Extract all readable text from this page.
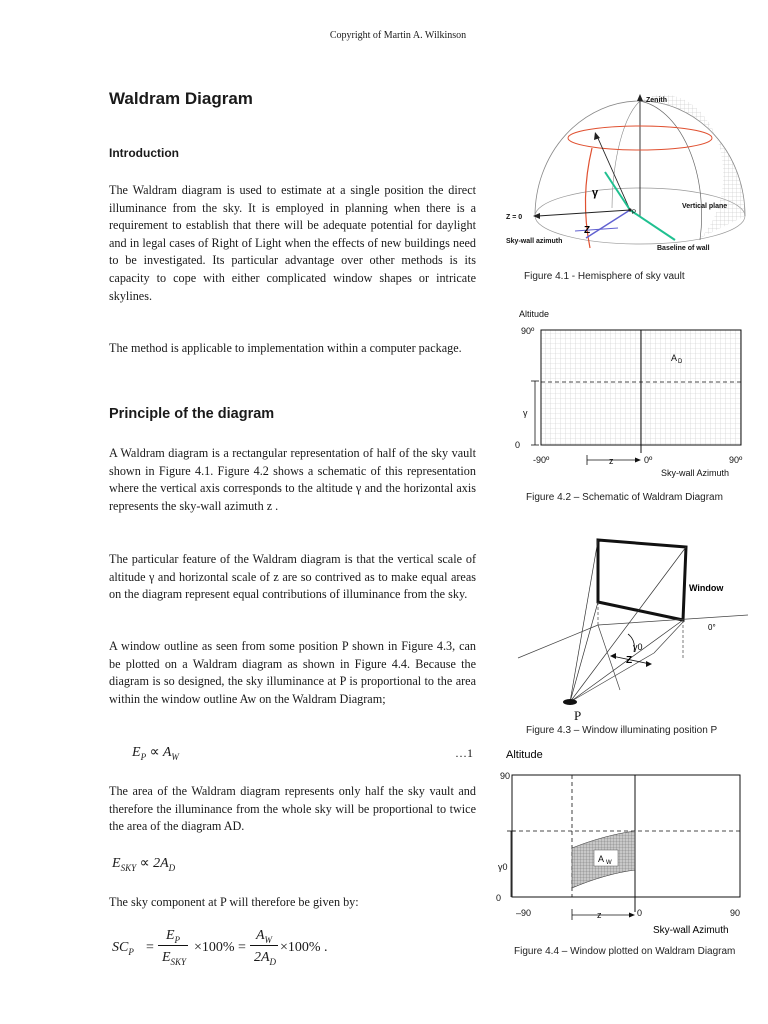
Copyright of Martin A. Wilkinson
Waldram Diagram
Introduction

The Waldram diagram is used to estimate at a single position the direct illuminance from the sky. It is employed in planning when there is a requirement to establish that there will be adequate potential for daylight and in legal cases of Right of Light when the effects of new buildings need to be investigated. Its particular advantage over other methods is its capacity to cope with either complicated window shapes or intricate skylines.

The method is applicable to implementation within a computer package.

Principle of the diagram

A Waldram diagram is a rectangular representation of half of the sky vault shown in Figure 4.1. Figure 4.2 shows a schematic of this representation where the vertical axis corresponds to the altitude γ and the horizontal axis represents the sky-wall azimuth z .

The particular feature of the Waldram diagram is that the vertical scale of altitude γ and horizontal scale of z are so contrived as to make equal areas on the diagram represent equal contributions of illuminance from the sky.

A window outline as seen from some position P shown in Figure 4.3, can be plotted on a Waldram diagram as shown in Figure 4.4. Because the diagram is so designed, the sky illuminance at P is proportional to the area within the window outline Aw on the Waldram Diagram;

$E_P \propto A_W$	…1

The area of the Waldram diagram represents only half the sky vault and therefore the illuminance from the whole sky will be proportional to twice the area of the diagram AD.

$E_{SKY} \propto 2A_D$

The sky component at P will therefore be given by:

$SC_P$ =
$E_P$
$E_{SKY}$
×100% =
$A_W$
$2A_D$
×100% .
Zenith
Vertical plane
Z = 0
γ
Z
P
Sky-wall azimuth
Baseline of wall
Figure 4.1 - Hemisphere of sky vault
Altitude
90º
0
γ
-90º	z	0º	90º
Sky-wall Azimuth
A D
Figure 4.2 – Schematic of Waldram Diagram
Window
0°
γ0
Z
P
Figure 4.3 – Window illuminating position P
Altitude
90
0
γ0
–90	z	0	90
Sky-wall Azimuth
A W
Figure 4.4 – Window plotted on Waldram Diagram
